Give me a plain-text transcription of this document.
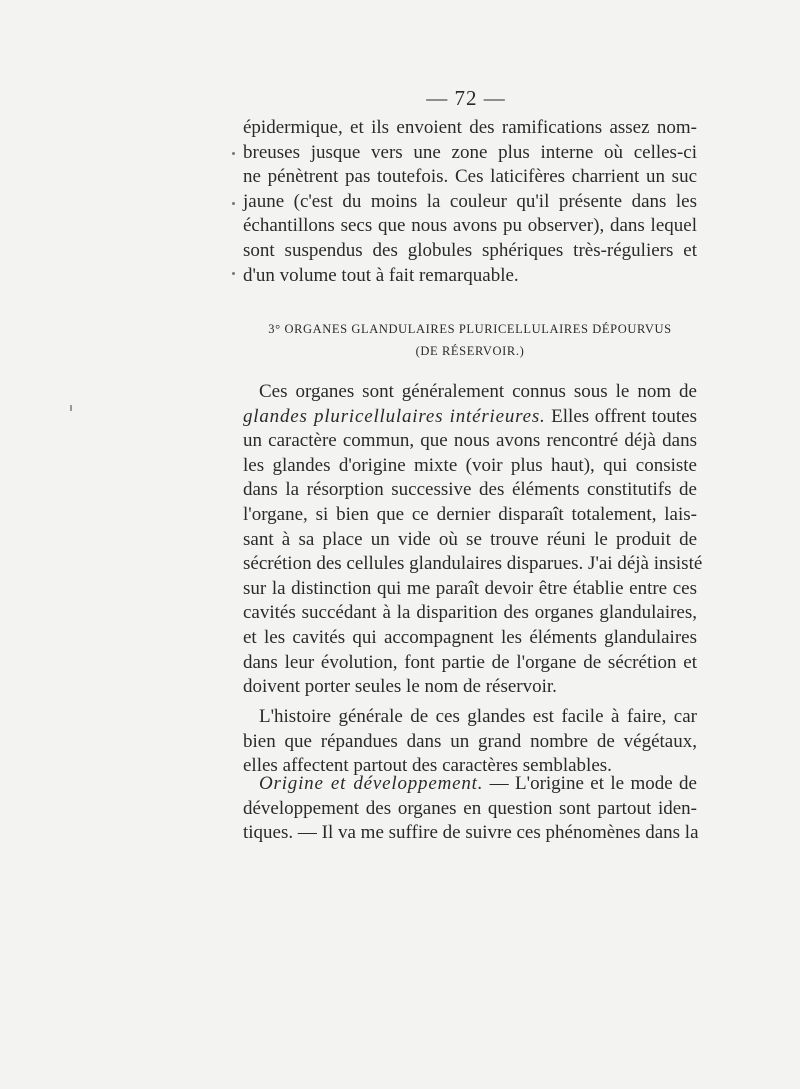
— 72 —
épidermique, et ils envoient des ramifications assez nom-
breuses jusque vers une zone plus interne où celles-ci
ne pénètrent pas toutefois. Ces laticifères charrient un suc
jaune (c'est du moins la couleur qu'il présente dans les
échantillons secs que nous avons pu observer), dans lequel
sont suspendus des globules sphériques très-réguliers et
d'un volume tout à fait remarquable.
3° ORGANES GLANDULAIRES PLURICELLULAIRES DÉPOURVUS
(DE RÉSERVOIR.)
Ces organes sont généralement connus sous le nom de
glandes pluricellulaires intérieures. Elles offrent toutes
un caractère commun, que nous avons rencontré déjà dans
les glandes d'origine mixte (voir plus haut), qui consiste
dans la résorption successive des éléments constitutifs de
l'organe, si bien que ce dernier disparaît totalement, lais-
sant à sa place un vide où se trouve réuni le produit de
sécrétion des cellules glandulaires disparues. J'ai déjà insisté
sur la distinction qui me paraît devoir être établie entre ces
cavités succédant à la disparition des organes glandulaires,
et les cavités qui accompagnent les éléments glandulaires
dans leur évolution, font partie de l'organe de sécrétion et
doivent porter seules le nom de réservoir.
L'histoire générale de ces glandes est facile à faire, car
bien que répandues dans un grand nombre de végétaux,
elles affectent partout des caractères semblables.
Origine et développement. — L'origine et le mode de
développement des organes en question sont partout iden-
tiques. — Il va me suffire de suivre ces phénomènes dans la
